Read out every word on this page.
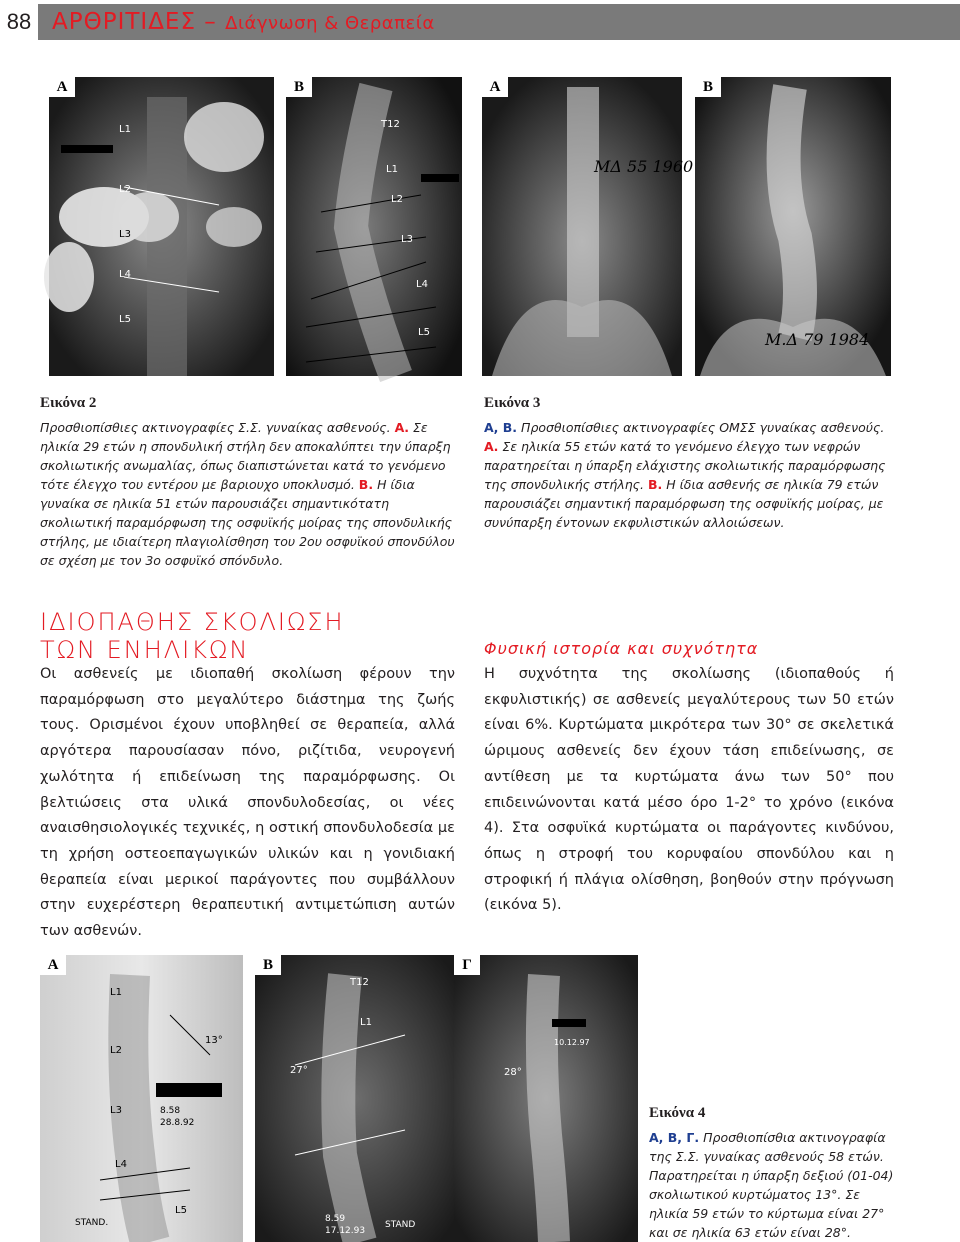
88 ΑΡΘΡΙΤΙΔΕΣ – Διάγνωση & Θεραπεία
L1
L2
L3
L4
L5
A
T12
L1
L2
L3
L4
L5
B
ΜΔ 55 1960
A
Μ.Δ 79 1984
B
Εικόνα 2
Προσθιοπίσθιες ακτινογραφίες Σ.Σ. γυναίκας ασθενούς. Α. Σε ηλικία 29 ετών η σπονδυλική στήλη δεν αποκαλύπτει την ύπαρξη σκολιωτικής ανωμαλίας, όπως διαπιστώνεται κατά το γενόμενο τότε έλεγχο του εντέρου με βαριουχο υποκλυσμό. Β. Η ίδια γυναίκα σε ηλικία 51 ετών παρουσιάζει σημαντικότατη σκολιωτική παραμόρφωση της οσφυϊκής μοίρας της σπονδυλικής στήλης, με ιδιαίτερη πλαγιολίσθηση του 2ου οσφυϊκού σπονδύλου σε σχέση με τον 3ο οσφυϊκό σπόνδυλο.
Εικόνα 3
Α, Β. Προσθιοπίσθιες ακτινογραφίες ΟΜΣΣ γυναίκας ασθενούς. Α. Σε ηλικία 55 ετών κατά το γενόμενο έλεγχο των νεφρών παρατηρείται η ύπαρξη ελάχιστης σκολιωτικής παραμόρφωσης της σπονδυλικής στήλης. Β. Η ίδια ασθενής σε ηλικία 79 ετών παρουσιάζει σημαντική παραμόρφωση της οσφυϊκής μοίρας, με συνύπαρξη έντονων εκφυλιστικών αλλοιώσεων.
ΙΔΙΟΠΑΘΗΣ ΣΚΟΛΙΩΣΗ
ΤΩΝ ΕΝΗΛΙΚΩΝ
Οι ασθενείς με ιδιοπαθή σκολίωση φέρουν την παραμόρφωση στο μεγαλύτερο διάστημα της ζωής τους. Ορισμένοι έχουν υποβληθεί σε θεραπεία, αλλά αργότερα παρουσίασαν πόνο, ριζίτιδα, νευρογενή χωλότητα ή επιδείνωση της παραμόρφωσης. Οι βελτιώσεις στα υλικά σπονδυλοδεσίας, οι νέες αναισθησιολογικές τεχνικές, η οστική σπονδυλοδεσία με τη χρήση οστεοεπαγωγικών υλικών και η γονιδιακή θεραπεία είναι μερικοί παράγοντες που συμβάλλουν στην ευχερέστερη θεραπευτική αντιμετώπιση αυτών των ασθενών.
Φυσική ιστορία και συχνότητα
Η συχνότητα της σκολίωσης (ιδιοπαθούς ή εκφυλιστικής) σε ασθενείς μεγαλύτερους των 50 ετών είναι 6%. Κυρτώματα μικρότερα των 30° σε σκελετικά ώριμους ασθενείς δεν έχουν τάση επιδείνωσης, σε αντίθεση με τα κυρτώματα άνω των 50° που επιδεινώνονται κατά μέσο όρο 1-2° το χρόνο (εικόνα 4). Στα οσφυϊκά κυρτώματα οι παράγοντες κινδύνου, όπως η στροφή του κορυφαίου σπονδύλου και η στροφική ή πλάγια ολίσθηση, βοηθούν στην πρόγνωση (εικόνα 5).
L1
L2
L3
L4
L5
13°
8.58
28.8.92
STAND.
Α
T12
L1
27°
8.59
17.12.93
STAND
Β
28°
10.12.97
Γ
Εικόνα 4
Α, Β, Γ. Προσθιοπίσθια ακτινογραφία της Σ.Σ. γυναίκας ασθενούς 58 ετών. Παρατηρείται η ύπαρξη δεξιού (01-04) σκολιωτικού κυρτώματος 13°. Σε ηλικία 59 ετών το κύρτωμα είναι 27° και σε ηλικία 63 ετών είναι 28°.
